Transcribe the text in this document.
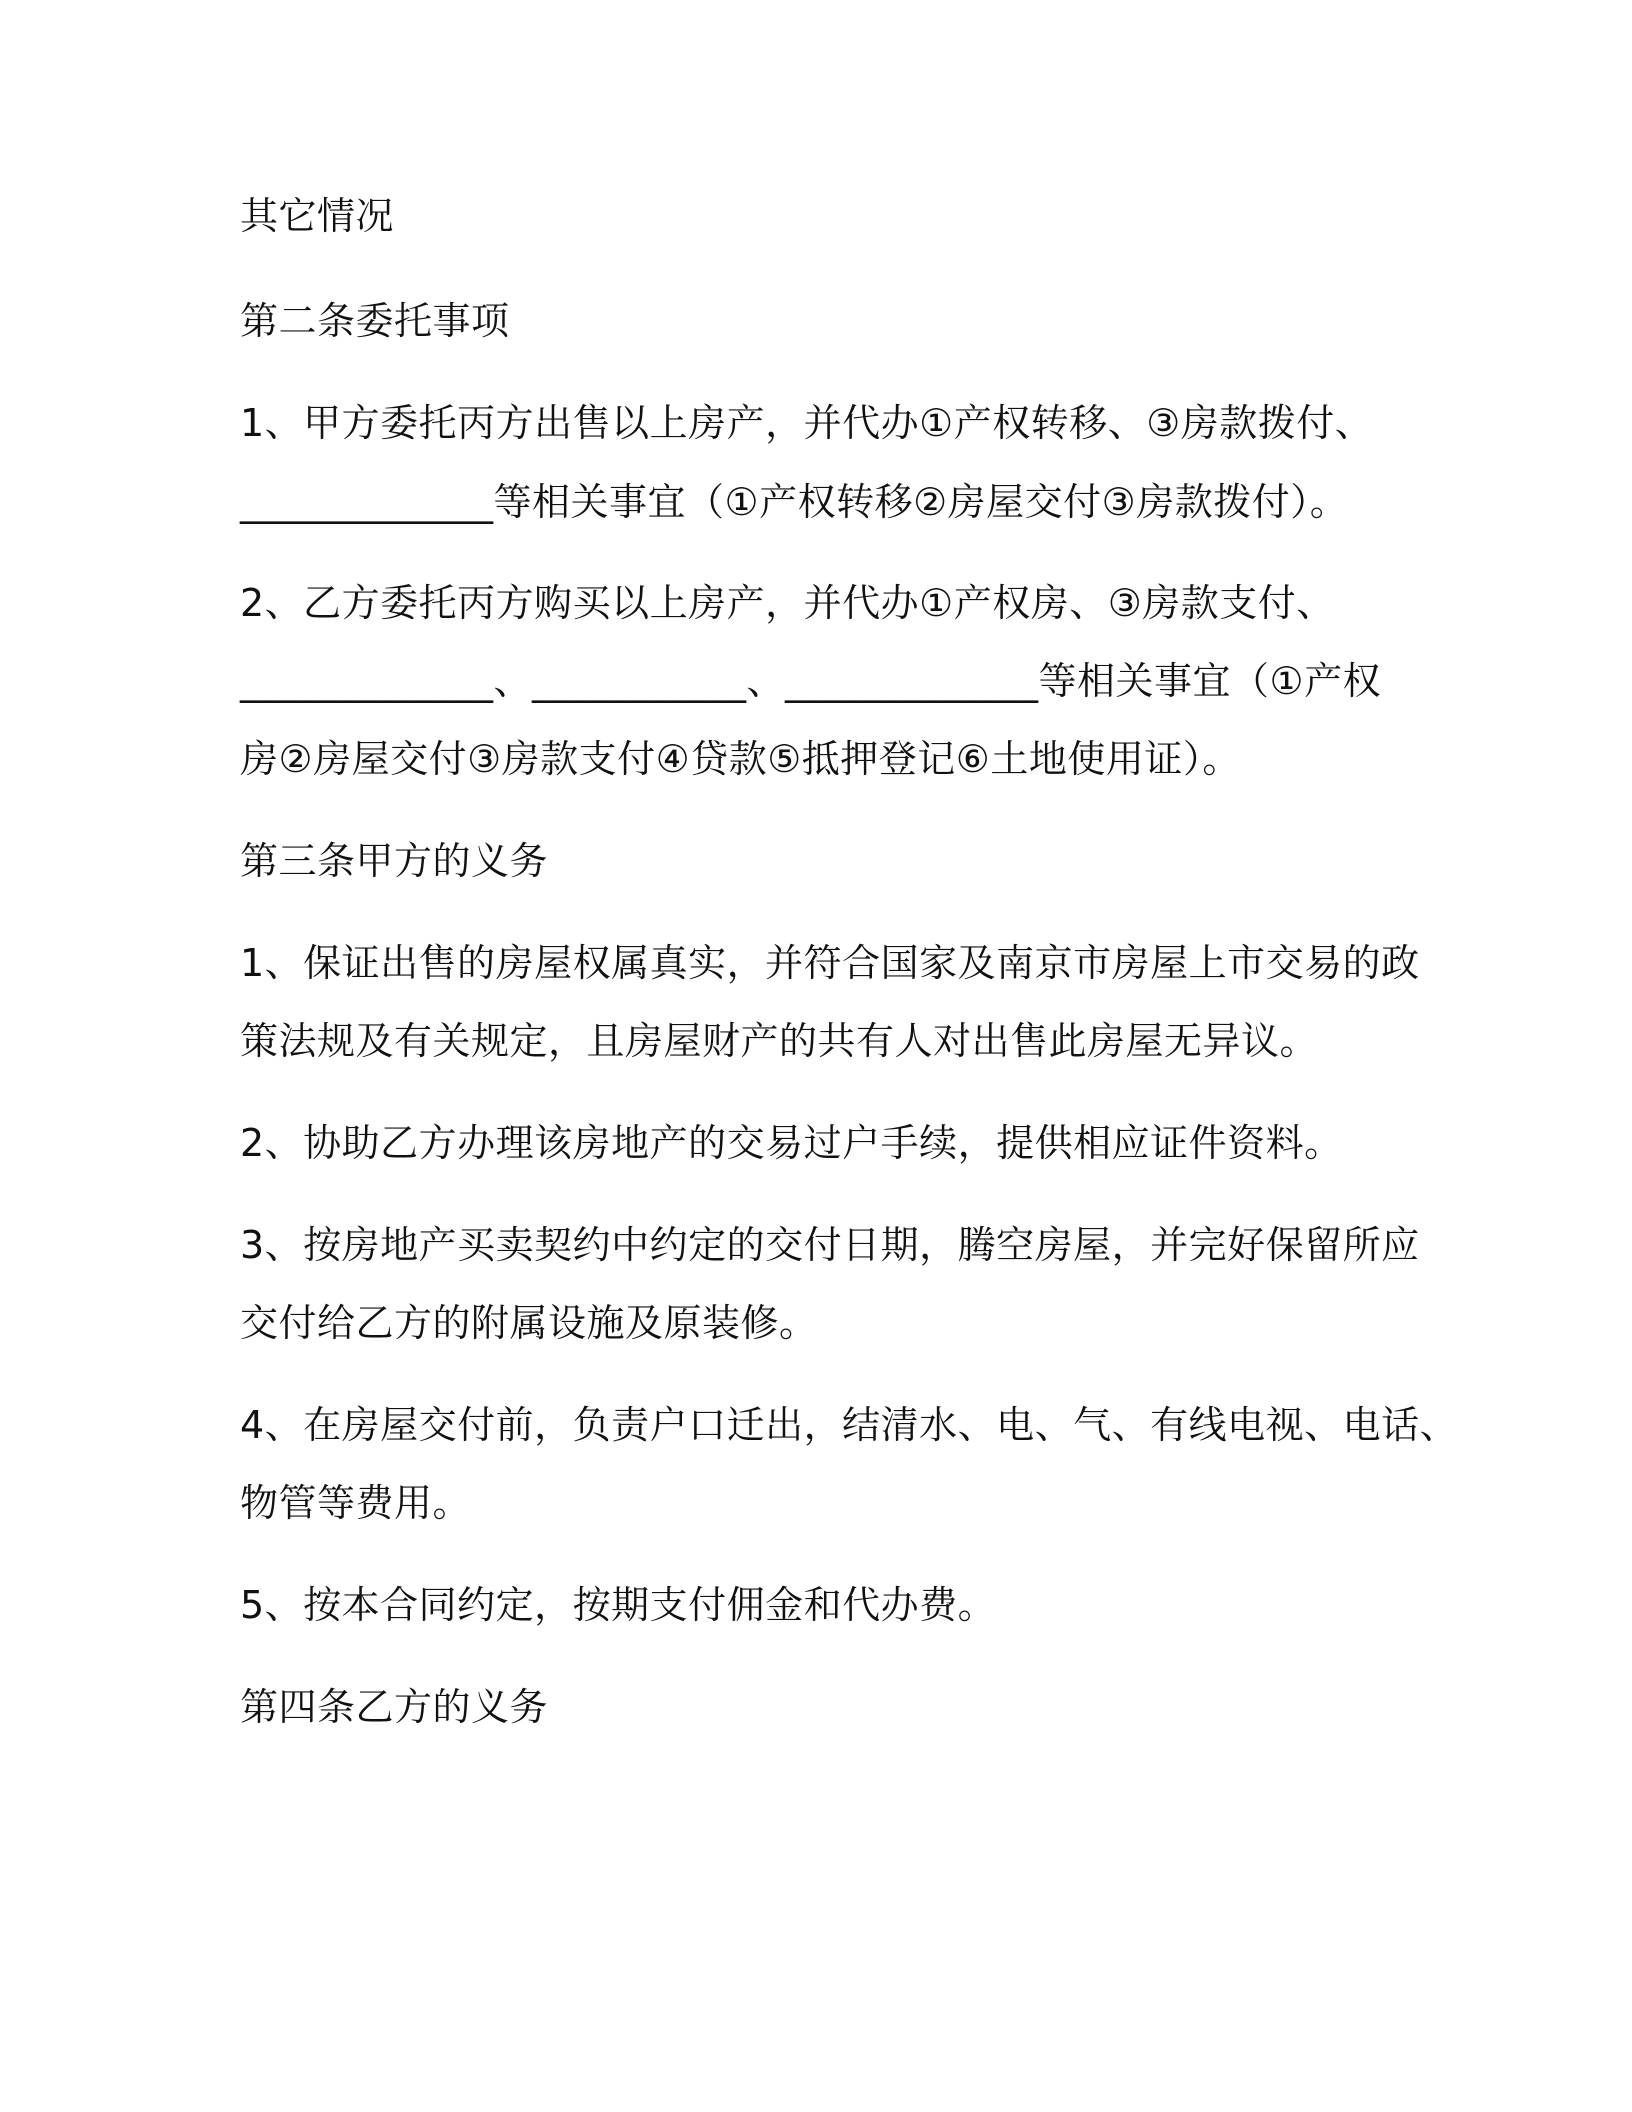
其它情况
第二条委托事项
1、甲方委托丙方出售以上房产，并代办①产权转移、③房款拨付、
_____________等相关事宜（①产权转移②房屋交付③房款拨付）。
2、乙方委托丙方购买以上房产，并代办①产权房、③房款支付、
_____________、___________、_____________等相关事宜（①产权
房②房屋交付③房款支付④贷款⑤抵押登记⑥土地使用证）。
第三条甲方的义务
1、保证出售的房屋权属真实，并符合国家及南京市房屋上市交易的政
策法规及有关规定，且房屋财产的共有人对出售此房屋无异议。
2、协助乙方办理该房地产的交易过户手续，提供相应证件资料。
3、按房地产买卖契约中约定的交付日期，腾空房屋，并完好保留所应
交付给乙方的附属设施及原装修。
4、在房屋交付前，负责户口迁出，结清水、电、气、有线电视、电话、
物管等费用。
5、按本合同约定，按期支付佣金和代办费。
第四条乙方的义务
